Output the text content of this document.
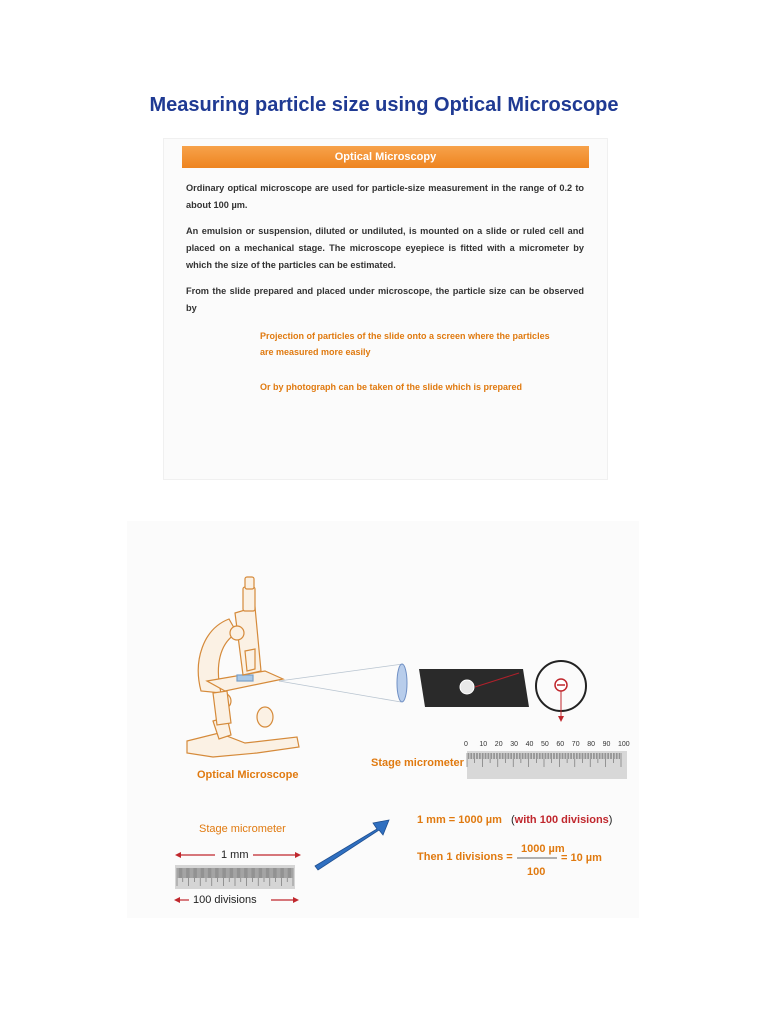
Measuring particle size using Optical Microscope
Optical Microscopy

Ordinary optical microscope are used for particle-size measurement in the range of 0.2 to about 100 µm.

An emulsion or suspension, diluted or undiluted, is mounted on a slide or ruled cell and placed on a mechanical stage. The microscope eyepiece is fitted with a micrometer by which the size of the particles can be estimated.

From the slide prepared and placed under microscope, the particle size can be observed by

Projection of particles of the slide onto a screen where the particles are measured more easily
Or by photograph can be taken of the slide which is prepared
Optical Microscope
Stage micrometer
0 10 20 30 40 50 60 70 80 90 100
Stage micrometer
1 mm
100 divisions
1 mm = 1000 µm (with 100 divisions)
Then 1 divisions =
1000 µm
100
= 10 µm
